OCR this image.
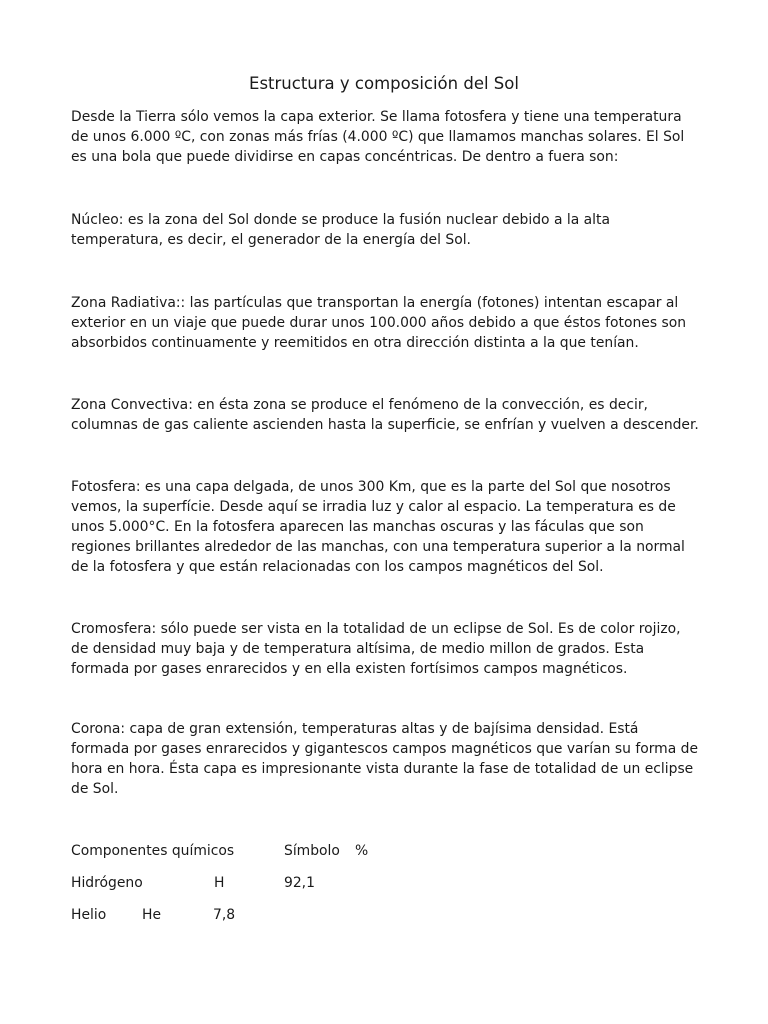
Estructura y composición del Sol
Desde la Tierra sólo vemos la capa exterior. Se llama fotosfera y tiene una temperatura de unos 6.000 ºC, con zonas más frías (4.000 ºC) que llamamos manchas solares. El Sol es una bola que puede dividirse en capas concéntricas. De dentro a fuera son:
Núcleo: es la zona del Sol donde se produce la fusión nuclear debido a la alta temperatura, es decir, el generador de la energía del Sol.
Zona Radiativa:: las partículas que transportan la energía (fotones) intentan escapar al exterior en un viaje que puede durar unos 100.000 años debido a que éstos fotones son absorbidos continuamente y reemitidos en otra dirección distinta a la que tenían.
Zona Convectiva: en ésta zona se produce el fenómeno de la convección, es decir, columnas de gas caliente ascienden hasta la superficie, se enfrían y vuelven a descender.
Fotosfera: es una capa delgada, de unos 300 Km, que es la parte del Sol que nosotros vemos, la superfície. Desde aquí se irradia luz y calor al espacio. La temperatura es de unos 5.000°C. En la fotosfera aparecen las manchas oscuras y las fáculas que son regiones brillantes alrededor de las manchas, con una temperatura superior a la normal de la fotosfera y que están relacionadas con los campos magnéticos del Sol.
Cromosfera: sólo puede ser vista en la totalidad de un eclipse de Sol. Es de color rojizo, de densidad muy baja y de temperatura altísima, de medio millon de grados. Esta formada por gases enrarecidos y en ella existen fortísimos campos magnéticos.
Corona: capa de gran extensión, temperaturas altas y de bajísima densidad. Está formada por gases enrarecidos y gigantescos campos magnéticos que varían su forma de hora en hora. Ésta capa es impresionante vista durante la fase de totalidad de un eclipse de Sol.
Componentes químicos	Símbolo %
Hidrógeno	H	92,1
Helio	He	7,8
